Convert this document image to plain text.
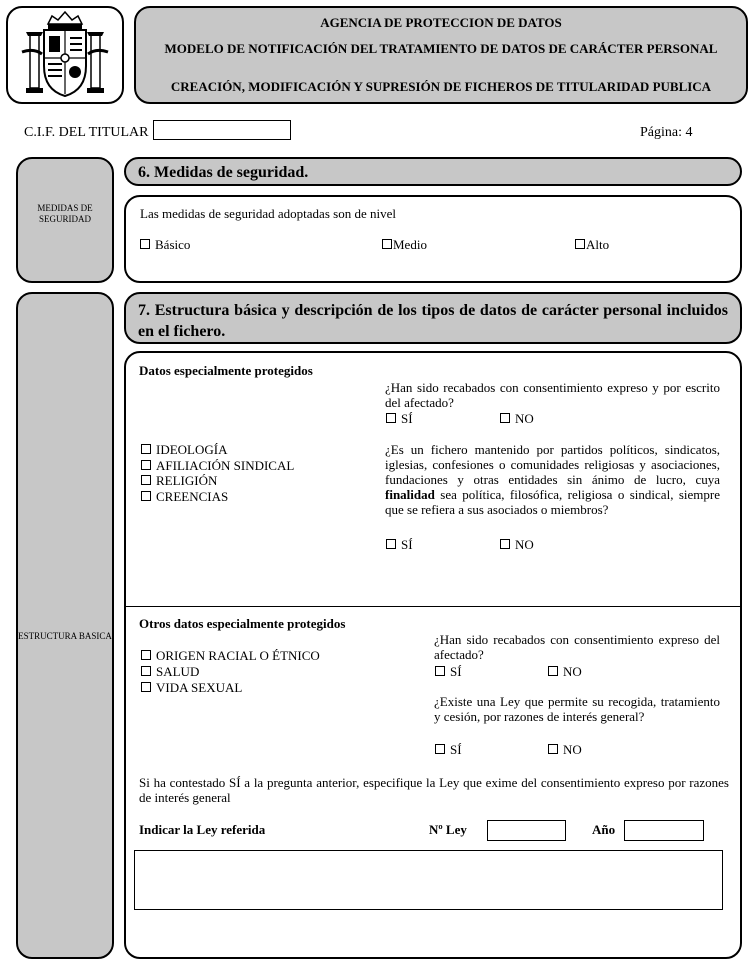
AGENCIA DE PROTECCION DE DATOS
MODELO DE NOTIFICACIÓN DEL TRATAMIENTO DE DATOS DE CARÁCTER PERSONAL
CREACIÓN, MODIFICACIÓN Y SUPRESIÓN DE FICHEROS DE TITULARIDAD PUBLICA
C.I.F. DEL TITULAR	Página: 4
MEDIDAS DE SEGURIDAD
6. Medidas de seguridad.
Las medidas de seguridad adoptadas son de nivel
Básico	Medio	Alto
ESTRUCTURA BASICA
7. Estructura básica y descripción de los tipos de datos de carácter personal incluidos en el fichero.
Datos especialmente protegidos
¿Han sido recabados con consentimiento expreso y por escrito del afectado?
SÍ	NO
IDEOLOGÍA
AFILIACIÓN SINDICAL
RELIGIÓN
CREENCIAS
¿Es un fichero mantenido por partidos políticos, sindicatos, iglesias, confesiones o comunidades religiosas y asociaciones, fundaciones y otras entidades sin ánimo de lucro, cuya finalidad sea política, filosófica, religiosa o sindical, siempre que se refiera a sus asociados o miembros?
SÍ	NO
Otros datos especialmente protegidos
¿Han sido recabados con consentimiento expreso del afectado?
ORIGEN RACIAL O ÉTNICO
SALUD
VIDA SEXUAL
SÍ	NO
¿Existe una Ley que permite su recogida, tratamiento y cesión, por razones de interés general?
SÍ	NO
Si ha contestado SÍ a la pregunta anterior, especifique la Ley que exime del consentimiento expreso por razones de interés general
Indicar la Ley referida	Nº Ley	Año
